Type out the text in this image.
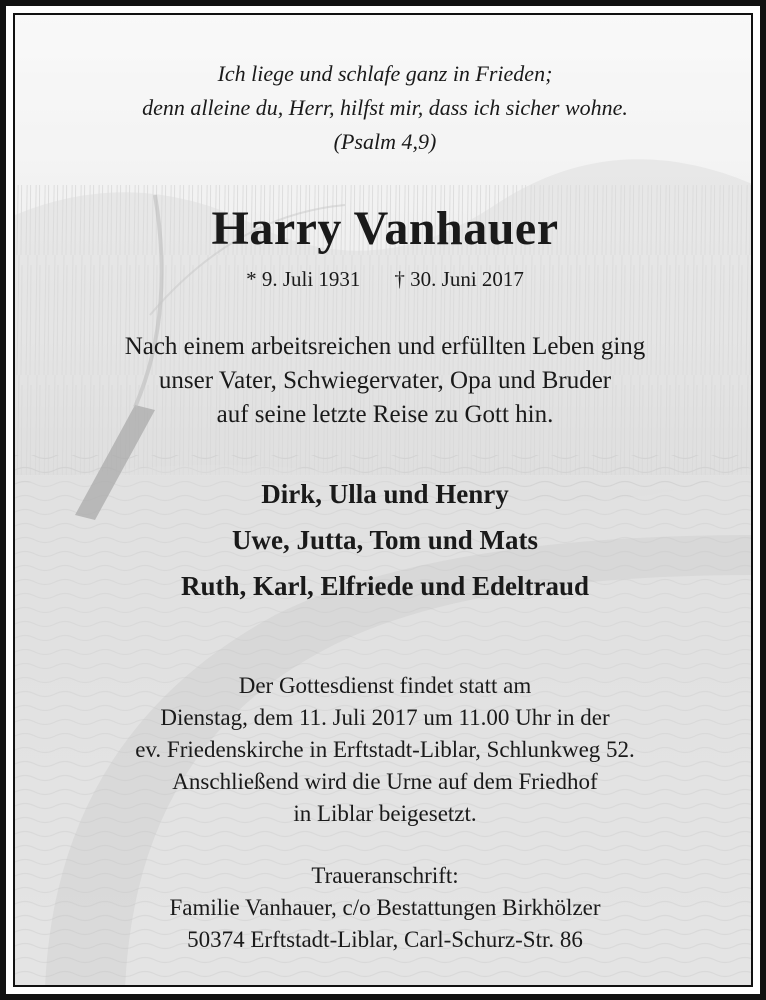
Ich liege und schlafe ganz in Frieden;
denn alleine du, Herr, hilfst mir, dass ich sicher wohne.
(Psalm 4,9)
Harry Vanhauer
* 9. Juli 1931 † 30. Juni 2017
Nach einem arbeitsreichen und erfüllten Leben ging
unser Vater, Schwiegervater, Opa und Bruder
auf seine letzte Reise zu Gott hin.
Dirk, Ulla und Henry
Uwe, Jutta, Tom und Mats
Ruth, Karl, Elfriede und Edeltraud
Der Gottesdienst findet statt am
Dienstag, dem 11. Juli 2017 um 11.00 Uhr in der
ev. Friedenskirche in Erftstadt-Liblar, Schlunkweg 52.
Anschließend wird die Urne auf dem Friedhof
in Liblar beigesetzt.
Traueranschrift:
Familie Vanhauer, c/o Bestattungen Birkhölzer
50374 Erftstadt-Liblar, Carl-Schurz-Str. 86
